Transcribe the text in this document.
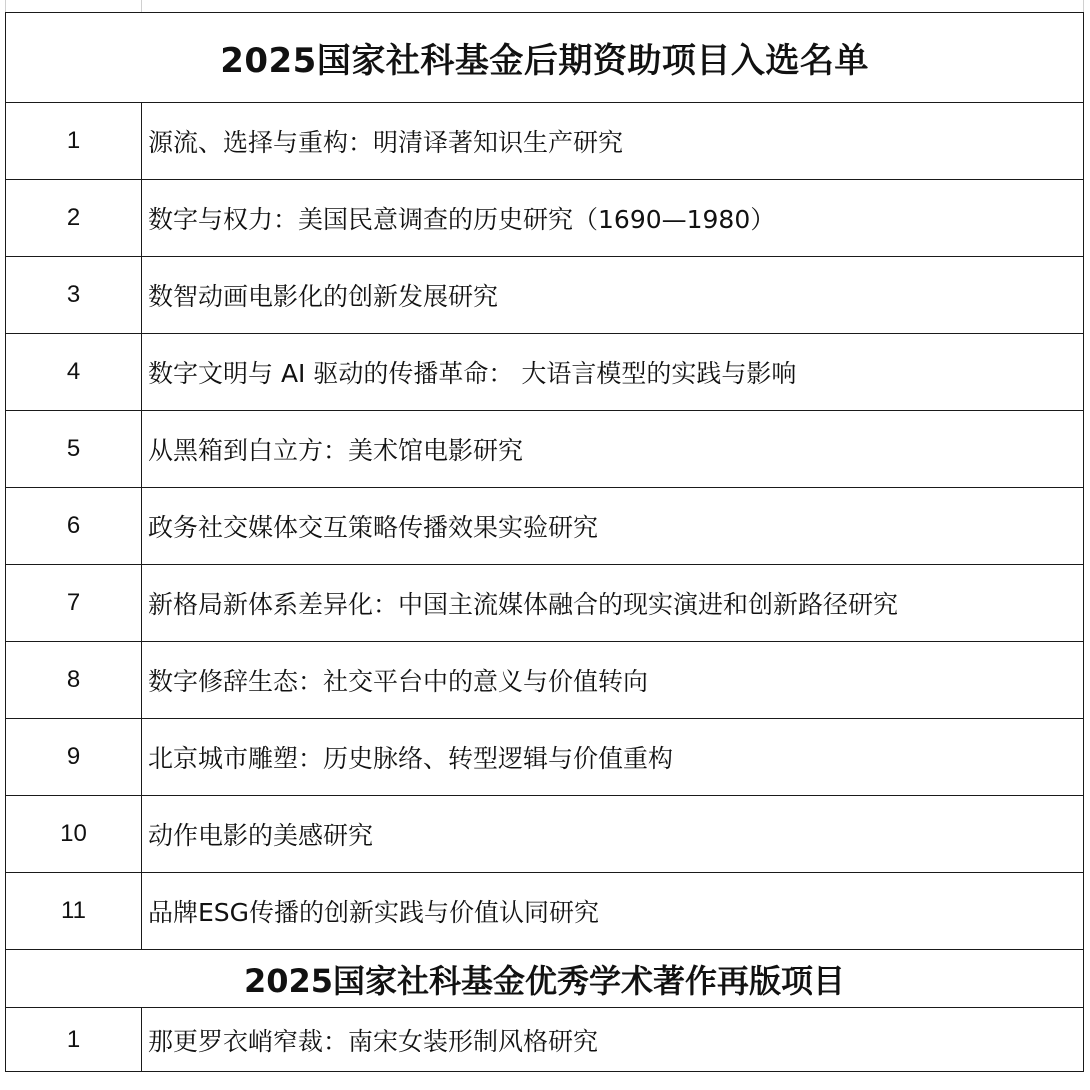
2025国家社科基金后期资助项目入选名单	
1	源流、选择与重构：明清译著知识生产研究
2	数字与权力：美国民意调查的历史研究（1690—1980）
3	数智动画电影化的创新发展研究
4	数字文明与 AI 驱动的传播革命： 大语言模型的实践与影响
5	从黑箱到白立方：美术馆电影研究
6	政务社交媒体交互策略传播效果实验研究
7	新格局新体系差异化：中国主流媒体融合的现实演进和创新路径研究
8	数字修辞生态：社交平台中的意义与价值转向
9	北京城市雕塑：历史脉络、转型逻辑与价值重构
10	动作电影的美感研究
11	品牌ESG传播的创新实践与价值认同研究
2025国家社科基金优秀学术著作再版项目	
1	那更罗衣峭窄裁：南宋女装形制风格研究
